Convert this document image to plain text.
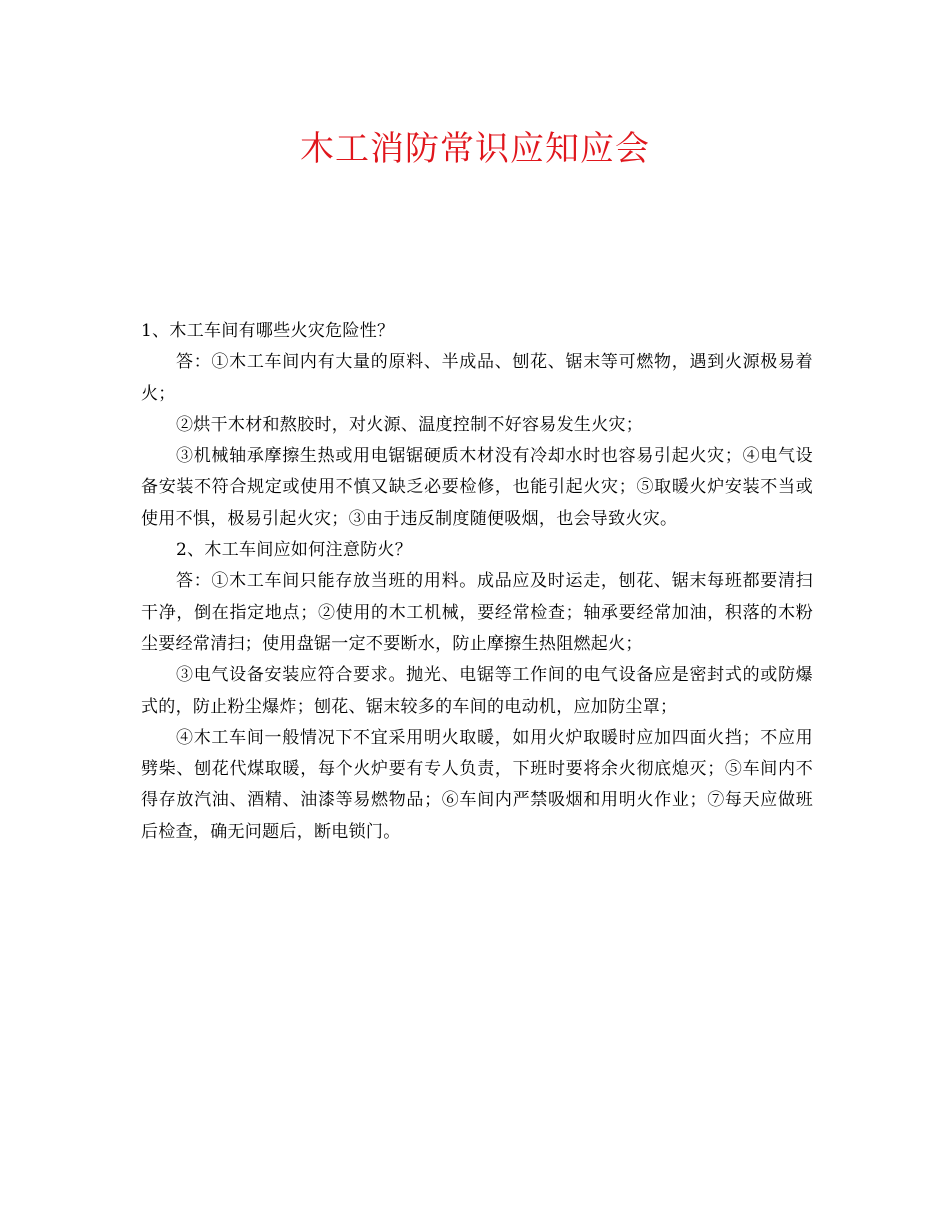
木工消防常识应知应会

1、木工车间有哪些火灾危险性？

答：①木工车间内有大量的原料、半成品、刨花、锯末等可燃物，遇到火源极易着火；

②烘干木材和熬胶时，对火源、温度控制不好容易发生火灾；

③机械轴承摩擦生热或用电锯锯硬质木材没有冷却水时也容易引起火灾；④电气设备安装不符合规定或使用不慎又缺乏必要检修，也能引起火灾；⑤取暖火炉安装不当或使用不惧，极易引起火灾；③由于违反制度随便吸烟，也会导致火灾。

2、木工车间应如何注意防火？

答：①木工车间只能存放当班的用料。成品应及时运走，刨花、锯末每班都要清扫干净，倒在指定地点；②使用的木工机械，要经常检查；轴承要经常加油，积落的木粉尘要经常清扫；使用盘锯一定不要断水，防止摩擦生热阻燃起火；

③电气设备安装应符合要求。抛光、电锯等工作间的电气设备应是密封式的或防爆式的，防止粉尘爆炸；刨花、锯末较多的车间的电动机，应加防尘罩；

④木工车间一般情况下不宜采用明火取暖，如用火炉取暖时应加四面火挡；不应用劈柴、刨花代煤取暖，每个火炉要有专人负责，下班时要将余火彻底熄灭；⑤车间内不得存放汽油、酒精、油漆等易燃物品；⑥车间内严禁吸烟和用明火作业；⑦每天应做班后检查，确无问题后，断电锁门。
